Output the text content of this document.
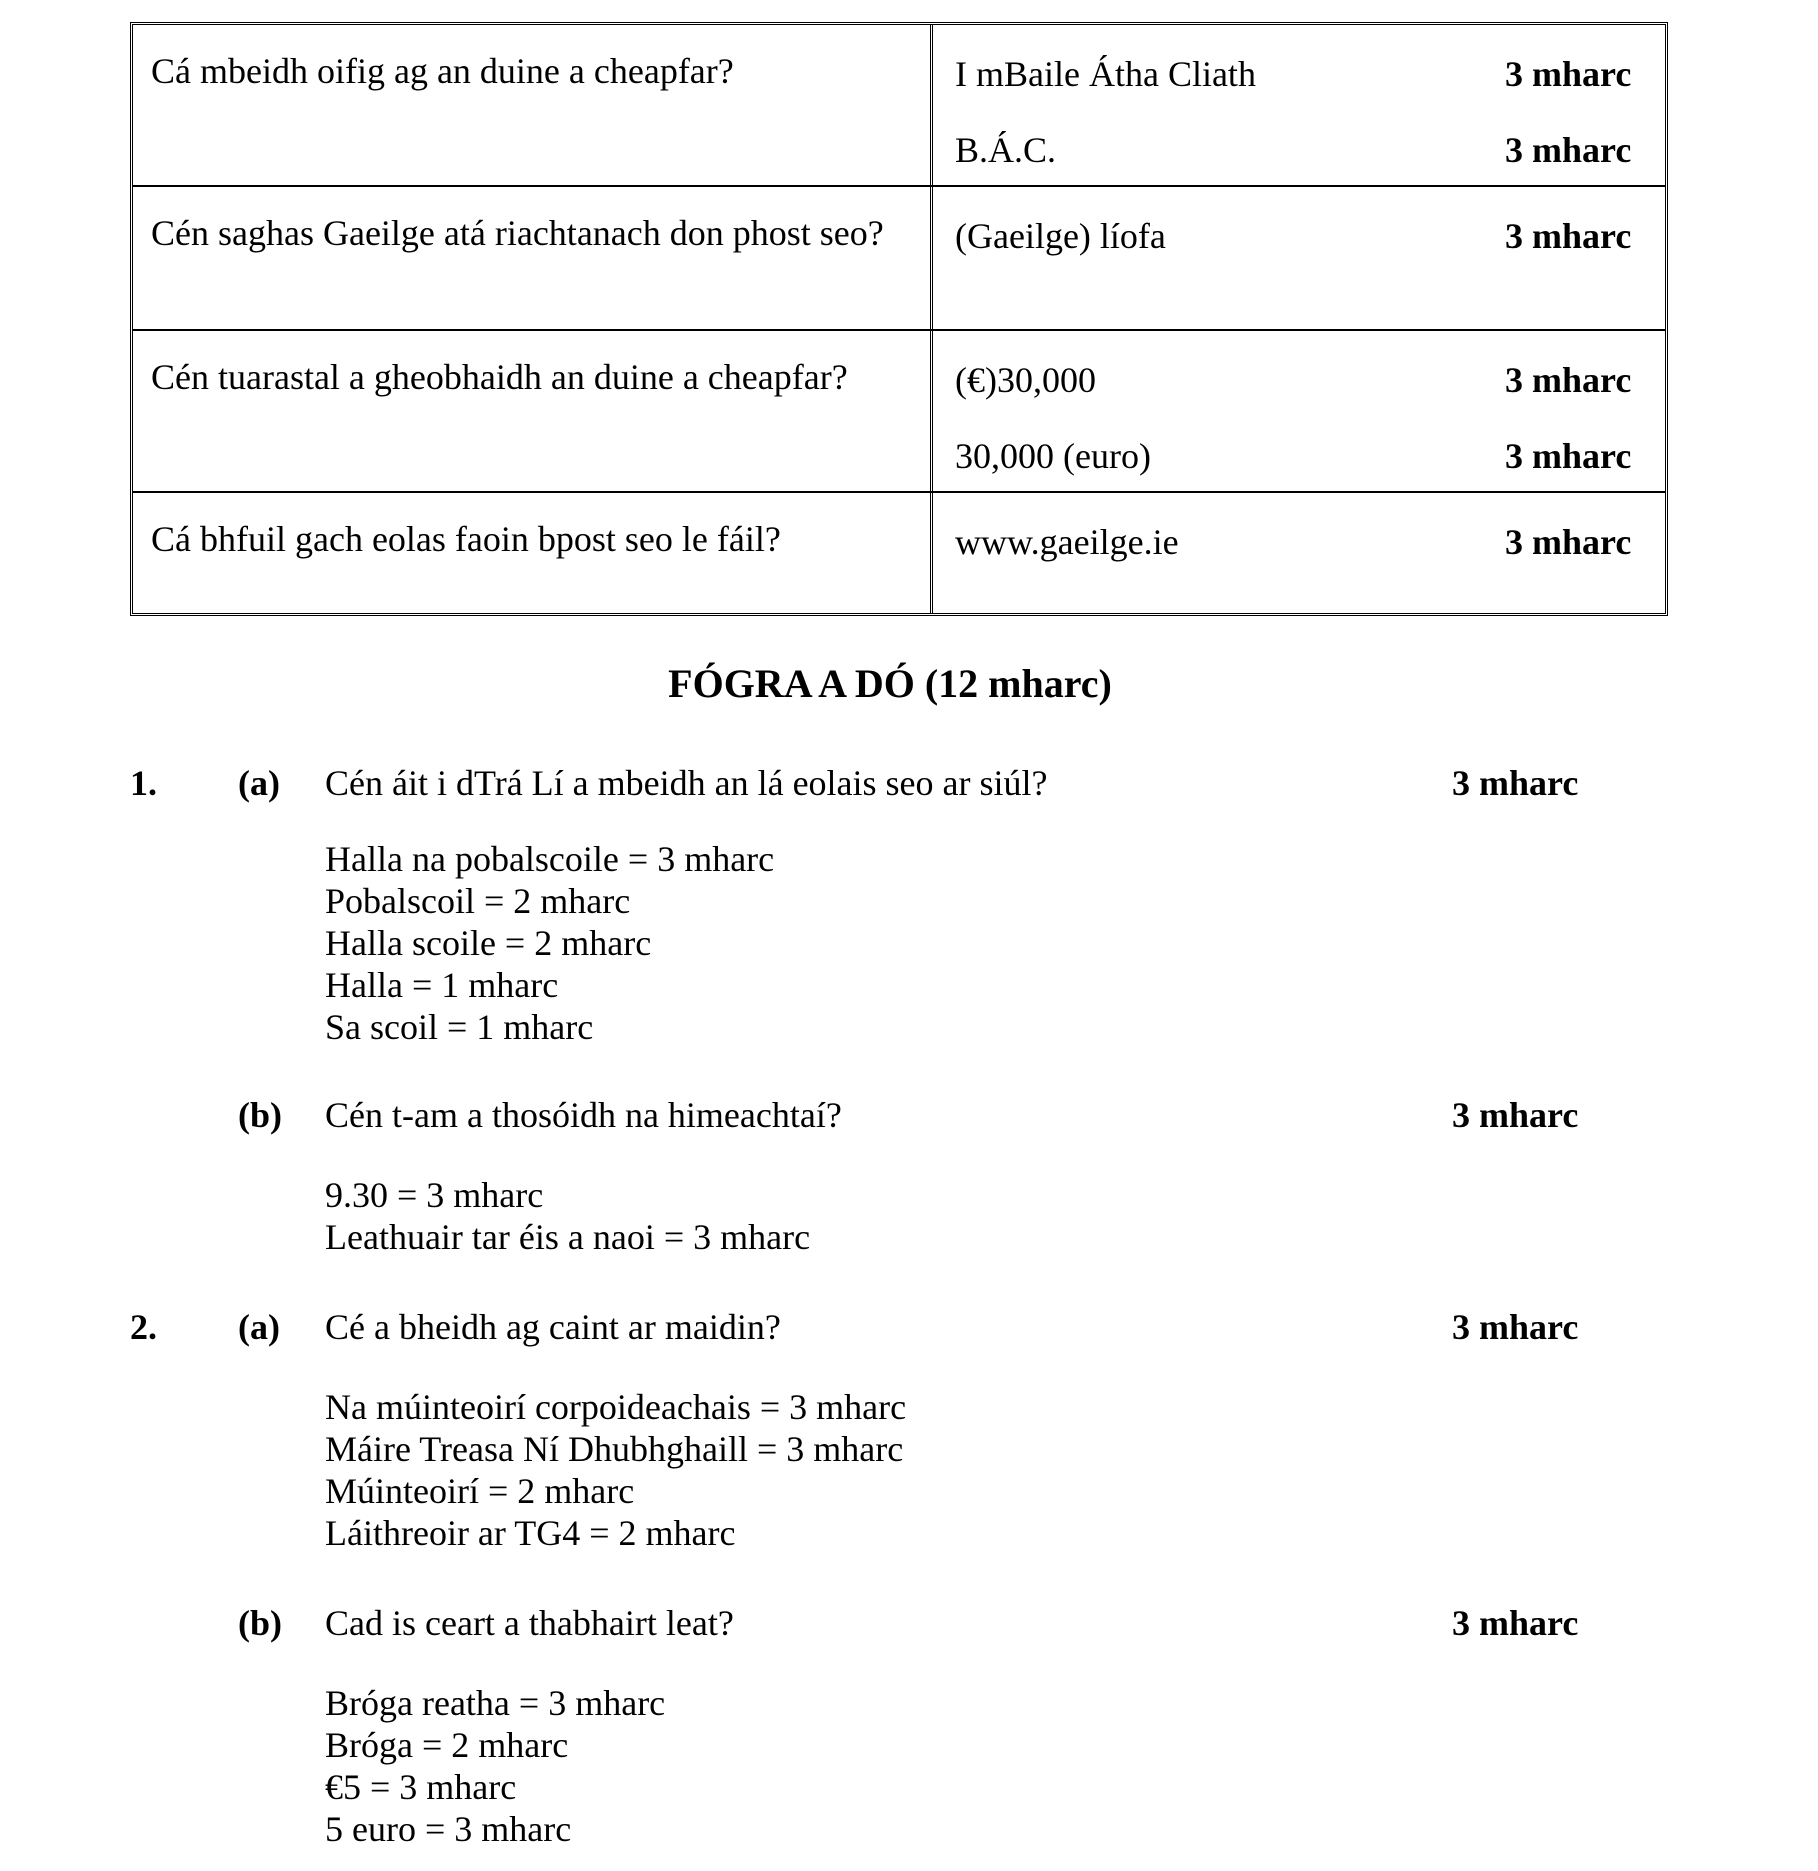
Cá mbeidh oifig ag an duine a cheapfar?	I mBaile Átha Cliath	3 mharc
B.Á.C.	3 mharc
Cén saghas Gaeilge atá riachtanach don phost seo?	(Gaeilge) líofa	3 mharc
Cén tuarastal a gheobhaidh an duine a cheapfar?	(€)30,000	3 mharc
30,000 (euro)	3 mharc
Cá bhfuil gach eolas faoin bpost seo le fáil?	www.gaeilge.ie	3 mharc
FÓGRA A DÓ (12 mharc)
1. (a) Cén áit i dTrá Lí a mbeidh an lá eolais seo ar siúl?	3 mharc
Halla na pobalscoile = 3 mharc
Pobalscoil = 2 mharc
Halla scoile = 2 mharc
Halla = 1 mharc
Sa scoil = 1 mharc
(b) Cén t-am a thosóidh na himeachtaí?	3 mharc
9.30 = 3 mharc
Leathuair tar éis a naoi = 3 mharc
2. (a) Cé a bheidh ag caint ar maidin?	3 mharc
Na múinteoirí corpoideachais = 3 mharc
Máire Treasa Ní Dhubhghaill = 3 mharc
Múinteoirí = 2 mharc
Láithreoir ar TG4 = 2 mharc
(b) Cad is ceart a thabhairt leat?	3 mharc
Bróga reatha = 3 mharc
Bróga = 2 mharc
€5 = 3 mharc
5 euro = 3 mharc
